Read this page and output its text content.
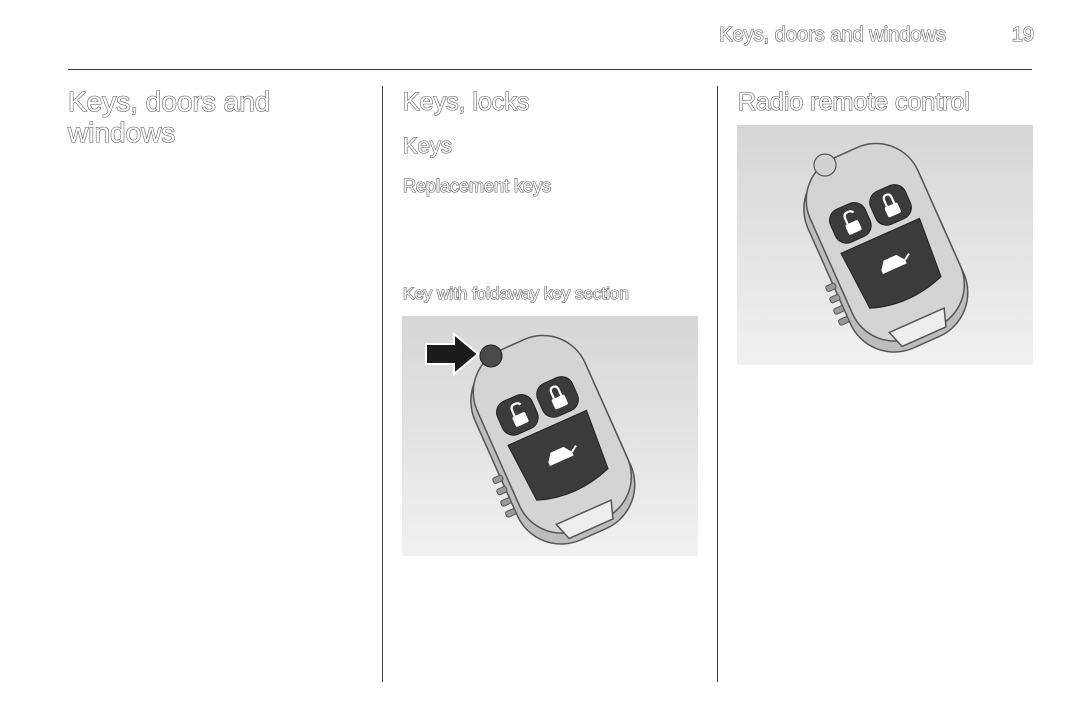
Keys, doors and windows	19
Keys, doors and windows
Keys, locks
Keys
Replacement keys
Key with foldaway key section
Radio remote control
